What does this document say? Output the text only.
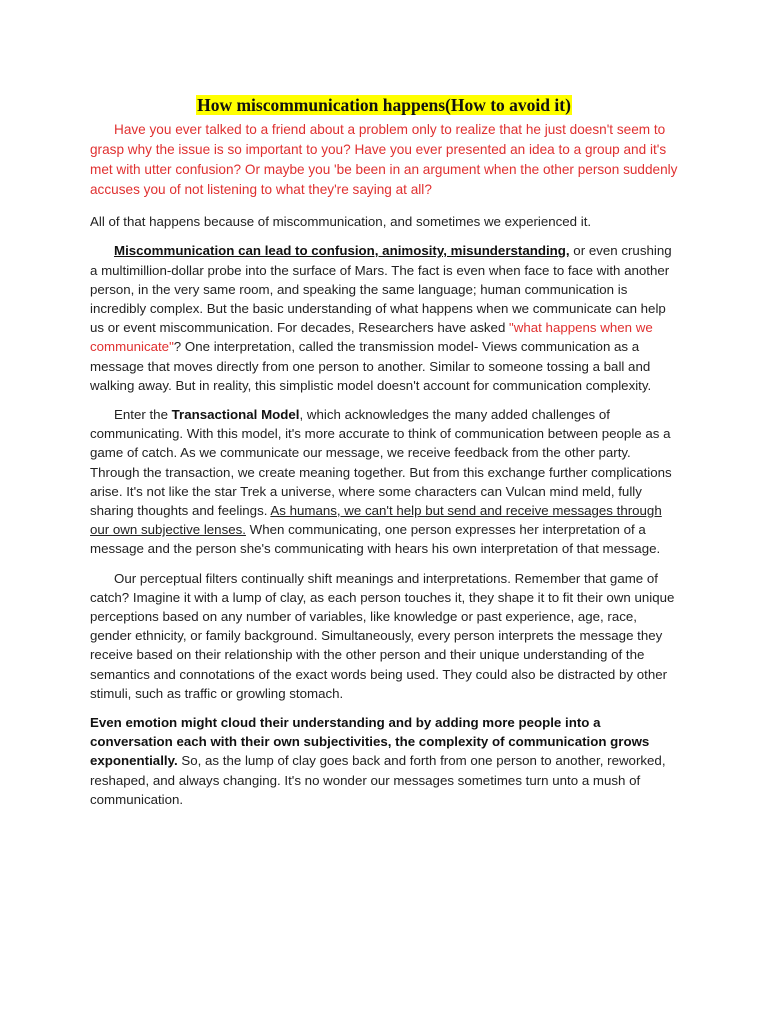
How miscommunication happens(How to avoid it)

Have you ever talked to a friend about a problem only to realize that he just doesn't seem to grasp why the issue is so important to you? Have you ever presented an idea to a group and it's met with utter confusion? Or maybe you 'be been in an argument when the other person suddenly accuses you of not listening to what they're saying at all?

All of that happens because of miscommunication, and sometimes we experienced it.

Miscommunication can lead to confusion, animosity, misunderstanding, or even crushing a multimillion-dollar probe into the surface of Mars. The fact is even when face to face with another person, in the very same room, and speaking the same language; human communication is incredibly complex. But the basic understanding of what happens when we communicate can help us or event miscommunication. For decades, Researchers have asked "what happens when we communicate"? One interpretation, called the transmission model- Views communication as a message that moves directly from one person to another. Similar to someone tossing a ball and walking away. But in reality, this simplistic model doesn't account for communication complexity.

Enter the Transactional Model, which acknowledges the many added challenges of communicating. With this model, it's more accurate to think of communication between people as a game of catch. As we communicate our message, we receive feedback from the other party. Through the transaction, we create meaning together. But from this exchange further complications arise. It's not like the star Trek a universe, where some characters can Vulcan mind meld, fully sharing thoughts and feelings. As humans, we can't help but send and receive messages through our own subjective lenses. When communicating, one person expresses her interpretation of a message and the person she's communicating with hears his own interpretation of that message.

Our perceptual filters continually shift meanings and interpretations. Remember that game of catch? Imagine it with a lump of clay, as each person touches it, they shape it to fit their own unique perceptions based on any number of variables, like knowledge or past experience, age, race, gender ethnicity, or family background. Simultaneously, every person interprets the message they receive based on their relationship with the other person and their unique understanding of the semantics and connotations of the exact words being used. They could also be distracted by other stimuli, such as traffic or growling stomach.

Even emotion might cloud their understanding and by adding more people into a conversation each with their own subjectivities, the complexity of communication grows exponentially. So, as the lump of clay goes back and forth from one person to another, reworked, reshaped, and always changing. It's no wonder our messages sometimes turn unto a mush of communication.
